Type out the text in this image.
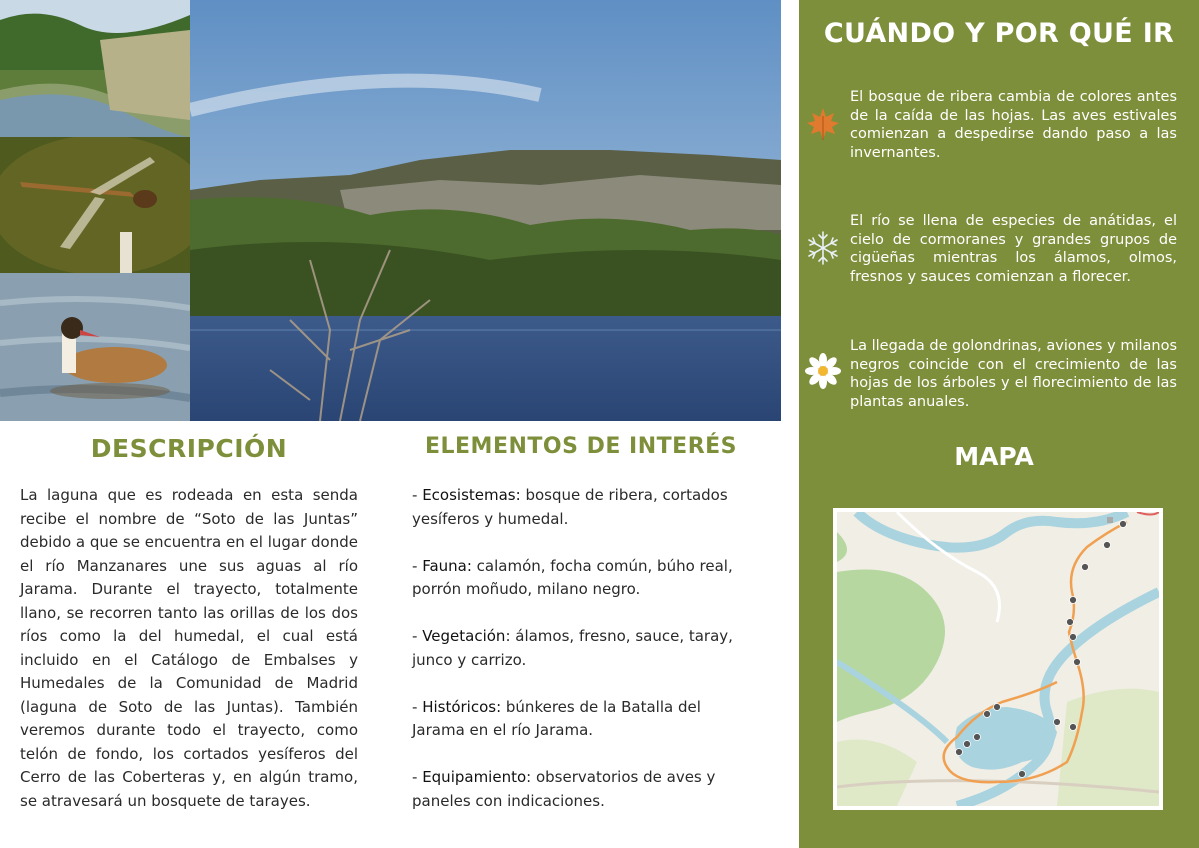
DESCRIPCIÓN

La laguna que es rodeada en esta senda recibe el nombre de “Soto de las Juntas” debido a que se encuentra en el lugar donde el río Manzanares une sus aguas al río Jarama. Durante el trayecto, totalmente llano, se recorren tanto las orillas de los dos ríos como la del humedal, el cual está incluido en el Catálogo de Embalses y Humedales de la Comunidad de Madrid (laguna de Soto de las Juntas). También veremos durante todo el trayecto, como telón de fondo, los cortados yesíferos del Cerro de las Coberteras y, en algún tramo, se atravesará un bosquete de tarayes.

ELEMENTOS DE INTERÉS
- Ecosistemas: bosque de ribera, cortados yesíferos y humedal.
- Fauna: calamón, focha común, búho real, porrón moñudo, milano negro.
- Vegetación: álamos, fresno, sauce, taray, junco y carrizo.
- Históricos: búnkeres de la Batalla del Jarama en el río Jarama.
- Equipamiento: observatorios de aves y paneles con indicaciones.
CUÁNDO Y POR QUÉ IR

El bosque de ribera cambia de colores antes de la caída de las hojas. Las aves estivales comienzan a despedirse dando paso a las invernantes.

El río se llena de especies de anátidas, el cielo de cormoranes y grandes grupos de cigüeñas mientras los álamos, olmos, fresnos y sauces comienzan a florecer.

La llegada de golondrinas, aviones y milanos negros coincide con el crecimiento de las hojas de los árboles y el florecimiento de las plantas anuales.

MAPA
